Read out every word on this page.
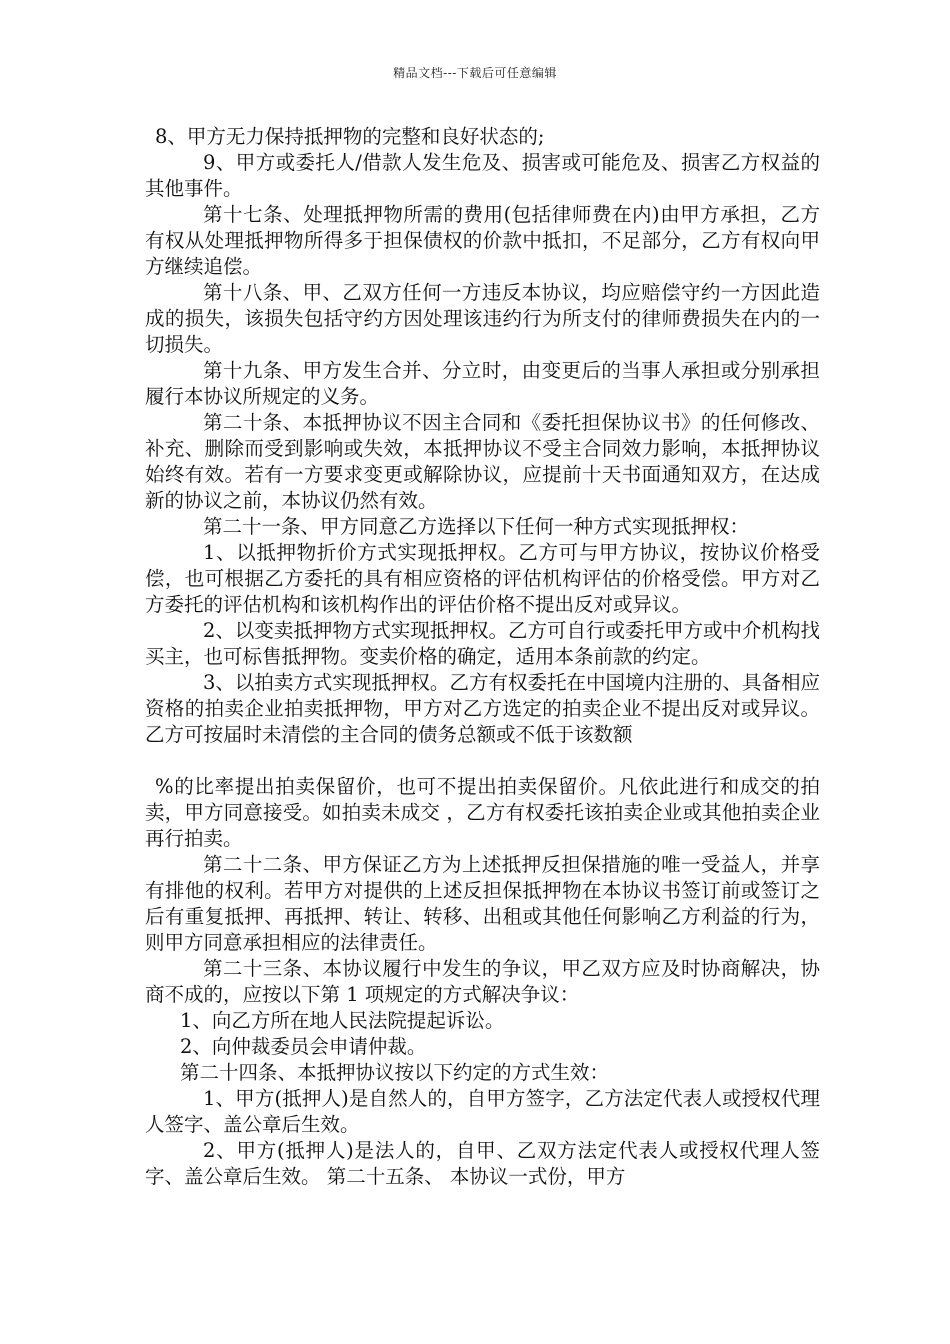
精品文档---下载后可任意编辑

8、甲方无力保持抵押物的完整和良好状态的;

9、甲方或委托人/借款人发生危及、损害或可能危及、损害乙方权益的其他事件。

第十七条、处理抵押物所需的费用(包括律师费在内)由甲方承担，乙方有权从处理抵押物所得多于担保债权的价款中抵扣，不足部分，乙方有权向甲方继续追偿。

第十八条、甲、乙双方任何一方违反本协议，均应赔偿守约一方因此造成的损失，该损失包括守约方因处理该违约行为所支付的律师费损失在内的一切损失。

第十九条、甲方发生合并、分立时，由变更后的当事人承担或分别承担履行本协议所规定的义务。

第二十条、本抵押协议不因主合同和《委托担保协议书》的任何修改、补充、删除而受到影响或失效，本抵押协议不受主合同效力影响，本抵押协议始终有效。若有一方要求变更或解除协议，应提前十天书面通知双方，在达成新的协议之前，本协议仍然有效。

第二十一条、甲方同意乙方选择以下任何一种方式实现抵押权：

1、以抵押物折价方式实现抵押权。乙方可与甲方协议，按协议价格受偿，也可根据乙方委托的具有相应资格的评估机构评估的价格受偿。甲方对乙方委托的评估机构和该机构作出的评估价格不提出反对或异议。

2、以变卖抵押物方式实现抵押权。乙方可自行或委托甲方或中介机构找买主，也可标售抵押物。变卖价格的确定，适用本条前款的约定。

3、以拍卖方式实现抵押权。乙方有权委托在中国境内注册的、具备相应资格的拍卖企业拍卖抵押物，甲方对乙方选定的拍卖企业不提出反对或异议。乙方可按届时未清偿的主合同的债务总额或不低于该数额

%的比率提出拍卖保留价，也可不提出拍卖保留价。凡依此进行和成交的拍卖，甲方同意接受。如拍卖未成交 ，乙方有权委托该拍卖企业或其他拍卖企业再行拍卖。

第二十二条、甲方保证乙方为上述抵押反担保措施的唯一受益人，并享有排他的权利。若甲方对提供的上述反担保抵押物在本协议书签订前或签订之后有重复抵押、再抵押、转让、转移、出租或其他任何影响乙方利益的行为，则甲方同意承担相应的法律责任。

第二十三条、本协议履行中发生的争议，甲乙双方应及时协商解决，协商不成的，应按以下第 1 项规定的方式解决争议：

1、向乙方所在地人民法院提起诉讼。

2、向仲裁委员会申请仲裁。

第二十四条、本抵押协议按以下约定的方式生效：

1、甲方(抵押人)是自然人的，自甲方签字，乙方法定代表人或授权代理人签字、盖公章后生效。

2、甲方(抵押人)是法人的，自甲、乙双方法定代表人或授权代理人签字、盖公章后生效。 第二十五条、 本协议一式份，甲方
